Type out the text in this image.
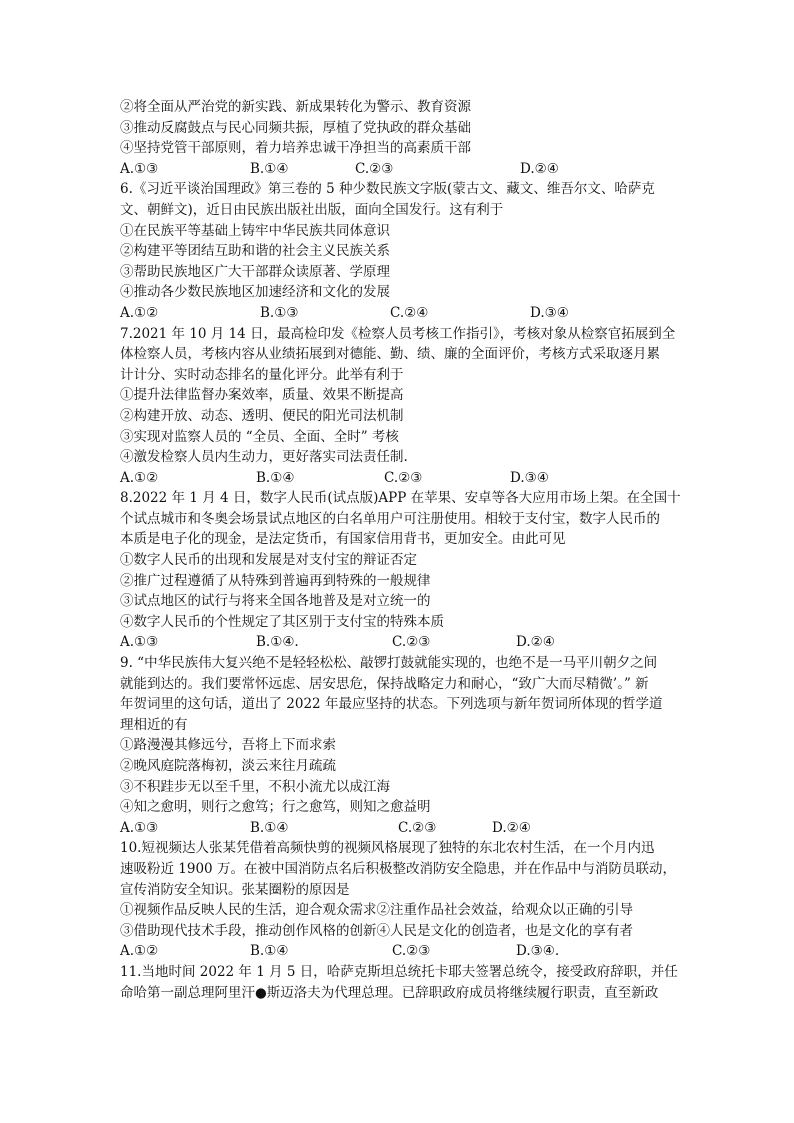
②将全面从严治党的新实践、新成果转化为警示、教育资源
③推动反腐鼓点与民心同频共振，厚植了党执政的群众基础
④坚持党管干部原则，着力培养忠诚干净担当的高素质干部
A.①③	B.①④	C.②③	D.②④
6.《习近平谈治国理政》第三卷的 5 种少数民族文字版(蒙古文、藏文、维吾尔文、哈萨克
文、朝鲜文)，近日由民族出版社出版，面向全国发行。这有利于
①在民族平等基础上铸牢中华民族共同体意识
②构建平等团结互助和谐的社会主义民族关系
③帮助民族地区广大干部群众读原著、学原理
④推动各少数民族地区加速经济和文化的发展
A.①②	B.①③	C.②④	D.③④
7.2021 年 10 月 14 日，最高检印发《检察人员考核工作指引》，考核对象从检察官拓展到全
体检察人员，考核内容从业绩拓展到对德能、勤、绩、廉的全面评价，考核方式采取逐月累
计计分、实时动态排名的量化评分。此举有利于
①提升法律监督办案效率，质量、效果不断提高
②构建开放、动态、透明、便民的阳光司法机制
③实现对监察人员的 “全员、全面、全时” 考核
④激发检察人员内生动力，更好落实司法责任制.
A.①②	B.①④	C.②③	D.③④
8.2022 年 1 月 4 日，数字人民币(试点版)APP 在苹果、安卓等各大应用市场上架。在全国十
个试点城市和冬奥会场景试点地区的白名单用户可注册使用。相较于支付宝，数字人民币的
本质是电子化的现金，是法定货币，有国家信用背书，更加安全。由此可见
①数字人民币的出现和发展是对支付宝的辩证否定
②推广过程遵循了从特殊到普遍再到特殊的一般规律
③试点地区的试行与将来全国各地普及是对立统一的
④数字人民币的个性规定了其区别于支付宝的特殊本质
A.①③	B.①④.	C.②③	D.②④
9. “中华民族伟大复兴绝不是轻轻松松、敲锣打鼓就能实现的，也绝不是一马平川朝夕之间
就能到达的。我们要常怀远虑、居安思危，保持战略定力和耐心，“致广大而尽精微’。” 新
年贺词里的这句话，道出了 2022 年最应坚持的状态。下列选项与新年贺词所体现的哲学道
理相近的有
①路漫漫其修远兮，吾将上下而求索
②晚风庭院落梅初，淡云来往月疏疏
③不积跬步无以至千里，不积小流尤以成江海
④知之愈明，则行之愈笃；行之愈笃，则知之愈益明
A.①③	B.①④	C.②③	D.②④
10.短视频达人张某凭借着高频快剪的视频风格展现了独特的东北农村生活，在一个月内迅
速吸粉近 1900 万。在被中国消防点名后积极整改消防安全隐患，并在作品中与消防员联动，
宣传消防安全知识。张某圈粉的原因是
①视频作品反映人民的生活，迎合观众需求②注重作品社会效益，给观众以正确的引导
③借助现代技术手段，推动创作风格的创新④人民是文化的创造者，也是文化的享有者
A.①②	B.①④	C.②③	D.③④.
11.当地时间 2022 年 1 月 5 日，哈萨克斯坦总统托卡耶夫签署总统令，接受政府辞职，并任
命哈第一副总理阿里汗●斯迈洛夫为代理总理。已辞职政府成员将继续履行职责，直至新政
